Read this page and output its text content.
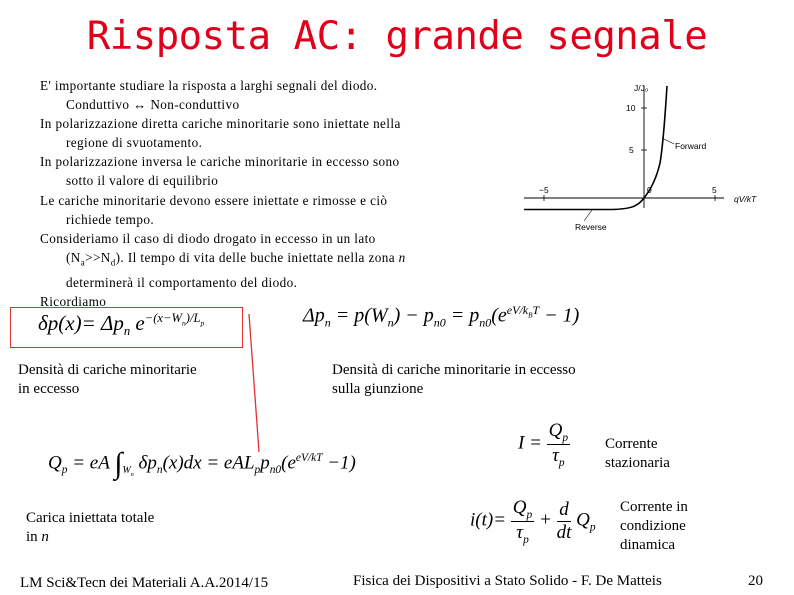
Risposta AC: grande segnale
E' importante studiare la risposta a larghi segnali del diodo.
Conduttivo ↔ Non-conduttivo
In polarizzazione diretta cariche minoritarie sono iniettate nella
regione di svuotamento.
In polarizzazione inversa le cariche minoritarie in eccesso sono
sotto il valore di equilibrio
Le cariche minoritarie devono essere iniettate e rimosse e ciò
richiede tempo.
Consideriamo il caso di diodo drogato in eccesso in un lato
$(N_a>>N_d)$. Il tempo di vita delle buche iniettate nella zona n
determinerà il comportamento del diodo.
Ricordiamo
J/J₀
10
5
−5	0	5
qV/kT
Forward
Reverse
$\delta p(x)= \Delta p_n$ $e^{-(x-W_n)/L_p}$	$\Delta p_n = p(W_n) - p_{n0} = p_{n0}(e^{eV/k_BT} - 1)$
Densità di cariche minoritarie in eccesso
Densità di cariche minoritarie in eccesso sulla giunzione
$I = \frac{Q_p}{\tau_p}$ Corrente stazionaria
$Q_p$ = eA $\int_{W_n}$ $\delta p_n(x)dx = eAL_pp_{n0}(e^{eV/kT} -1)$
$i(t)= \frac{Q_p}{\tau_p} + \frac{d}{dt} Q_p$
Corrente in condizione dinamica
Carica iniettata totale in n
LM Sci&Tecn dei Materiali A.A.2014/15	Fisica dei Dispositivi a Stato Solido - F. De Matteis	20
